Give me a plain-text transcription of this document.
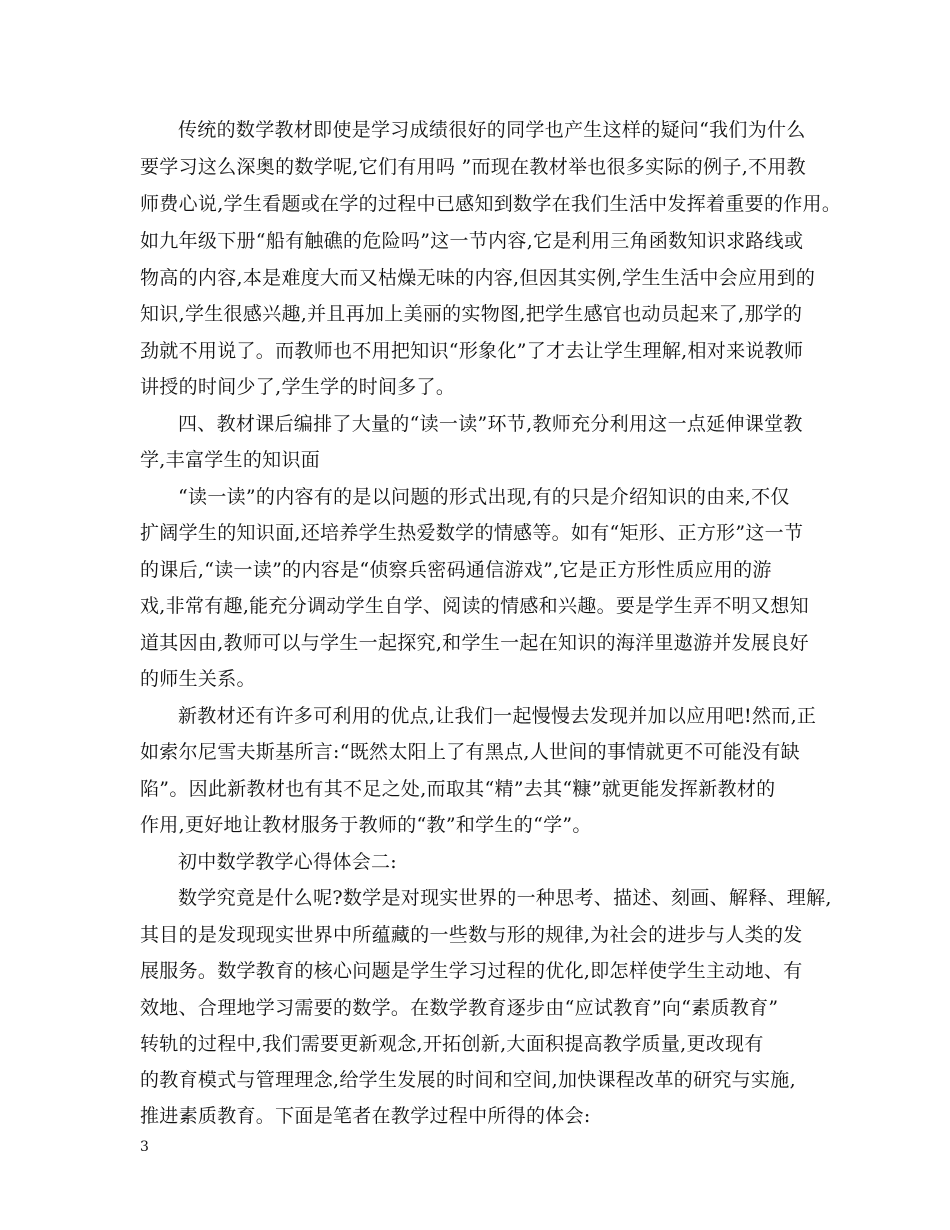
传统的数学教材即使是学习成绩很好的同学也产生这样的疑问“我们为什么
要学习这么深奥的数学呢,它们有用吗 ”而现在教材举也很多实际的例子,不用教
师费心说,学生看题或在学的过程中已感知到数学在我们生活中发挥着重要的作用。
如九年级下册“船有触礁的危险吗”这一节内容,它是利用三角函数知识求路线或
物高的内容,本是难度大而又枯燥无味的内容,但因其实例,学生生活中会应用到的
知识,学生很感兴趣,并且再加上美丽的实物图,把学生感官也动员起来了,那学的
劲就不用说了。而教师也不用把知识“形象化”了才去让学生理解,相对来说教师
讲授的时间少了,学生学的时间多了。
四、教材课后编排了大量的“读一读”环节,教师充分利用这一点延伸课堂教
学,丰富学生的知识面
“读一读”的内容有的是以问题的形式出现,有的只是介绍知识的由来,不仅
扩阔学生的知识面,还培养学生热爱数学的情感等。如有“矩形、正方形”这一节
的课后,“读一读”的内容是“侦察兵密码通信游戏”,它是正方形性质应用的游
戏,非常有趣,能充分调动学生自学、阅读的情感和兴趣。要是学生弄不明又想知
道其因由,教师可以与学生一起探究,和学生一起在知识的海洋里遨游并发展良好
的师生关系。
新教材还有许多可利用的优点,让我们一起慢慢去发现并加以应用吧!然而,正
如索尔尼雪夫斯基所言:“既然太阳上了有黑点,人世间的事情就更不可能没有缺
陷”。因此新教材也有其不足之处,而取其“精”去其“糠”就更能发挥新教材的
作用,更好地让教材服务于教师的“教”和学生的“学”。
初中数学教学心得体会二:
数学究竟是什么呢?数学是对现实世界的一种思考、描述、刻画、解释、理解,
其目的是发现现实世界中所蕴藏的一些数与形的规律,为社会的进步与人类的发
展服务。数学教育的核心问题是学生学习过程的优化,即怎样使学生主动地、有
效地、合理地学习需要的数学。在数学教育逐步由“应试教育”向“素质教育”
转轨的过程中,我们需要更新观念,开拓创新,大面积提高教学质量,更改现有
的教育模式与管理理念,给学生发展的时间和空间,加快课程改革的研究与实施,
推进素质教育。下面是笔者在教学过程中所得的体会:
3
